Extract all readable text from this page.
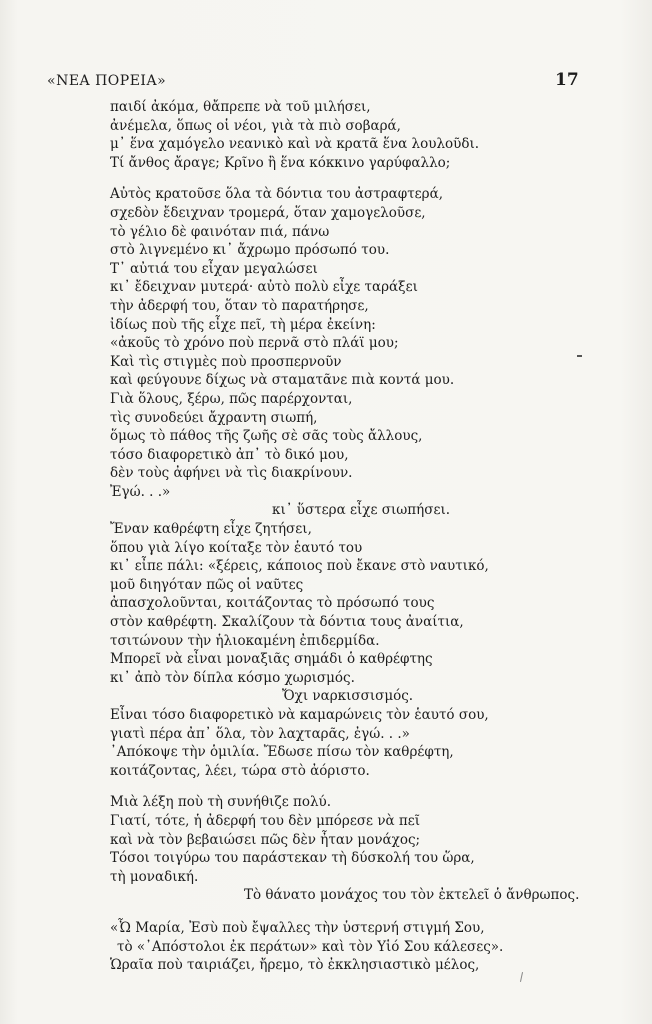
«ΝΕΑ ΠΟΡΕΙΑ»	17
παιδί ἀκόμα, θἄπρεπε νὰ τοῦ μιλήσει,
ἀνέμελα, ὅπως οἱ νέοι, γιὰ τὰ πιὸ σοβαρά,
μ᾽ ἕνα χαμόγελο νεανικὸ καὶ νὰ κρατᾶ ἕνα λουλοῦδι.
Τί ἄνθος ἄραγε; Κρῖνο ἢ ἕνα κόκκινο γαρύφαλλο;
Αὐτὸς κρατοῦσε ὅλα τὰ δόντια του ἀστραφτερά,
σχεδὸν ἔδειχναν τρομερά, ὅταν χαμογελοῦσε,
τὸ γέλιο δὲ φαινόταν πιά, πάνω
στὸ λιγνεμένο κι᾽ ἄχρωμο πρόσωπό του.
Τ᾽ αὐτιά του εἶχαν μεγαλώσει
κι᾽ ἔδειχναν μυτερά· αὐτὸ πολὺ εἶχε ταράξει
τὴν ἀδερφή του, ὅταν τὸ παρατήρησε,
ἰδίως ποὺ τῆς εἶχε πεῖ, τὴ μέρα ἐκείνη:
«ἀκοῦς τὸ χρόνο ποὺ περνᾶ στὸ πλάϊ μου;
Καὶ τὶς στιγμὲς ποὺ προσπερνοῦν
καὶ φεύγουνε δίχως νὰ σταματᾶνε πιὰ κοντά μου.
Γιὰ ὅλους, ξέρω, πῶς παρέρχονται,
τὶς συνοδεύει ἄχραντη σιωπή,
ὅμως τὸ πάθος τῆς ζωῆς σὲ σᾶς τοὺς ἄλλους,
τόσο διαφορετικὸ ἀπ᾽ τὸ δικό μου,
δὲν τοὺς ἀφήνει νὰ τὶς διακρίνουν.
Ἐγώ. . .»
κι᾽ ὕστερα εἶχε σιωπήσει.
Ἔναν καθρέφτη εἶχε ζητήσει,
ὅπου γιὰ λίγο κοίταξε τὸν ἑαυτό του
κι᾽ εἶπε πάλι: «ξέρεις, κάποιος ποὺ ἔκανε στὸ ναυτικό,
μοῦ διηγόταν πῶς οἱ ναῦτες
ἀπασχολοῦνται, κοιτάζοντας τὸ πρόσωπό τους
στὸν καθρέφτη. Σκαλίζουν τὰ δόντια τους ἀναίτια,
τσιτώνουν τὴν ἡλιοκαμένη ἐπιδερμίδα.
Μπορεῖ νὰ εἶναι μοναξιᾶς σημάδι ὁ καθρέφτης
κι᾽ ἀπὸ τὸν δίπλα κόσμο χωρισμός.
Ὄχι ναρκισσισμός.
Εἶναι τόσο διαφορετικὸ νὰ καμαρώνεις τὸν ἑαυτό σου,
γιατὶ πέρα ἀπ᾽ ὅλα, τὸν λαχταρᾶς, ἐγώ. . .»
᾽Απόκοψε τὴν ὁμιλία. Ἔδωσε πίσω τὸν καθρέφτη,
κοιτάζοντας, λέει, τώρα στὸ ἀόριστο.
Μιὰ λέξη ποὺ τὴ συνήθιζε πολύ.
Γιατί, τότε, ἡ ἀδερφή του δὲν μπόρεσε νὰ πεῖ
καὶ νὰ τὸν βεβαιώσει πῶς δὲν ἦταν μονάχος;
Τόσοι τοιγύρω του παράστεκαν τὴ δύσκολή του ὥρα,
τὴ μοναδική.
Τὸ θάνατο μονάχος του τὸν ἐκτελεῖ ὁ ἄνθρωπος.
«Ὦ Μαρία, Ἐσὺ ποὺ ἔψαλλες τὴν ὑστερνή στιγμή Σου,
τὸ «᾽Απόστολοι ἐκ περάτων» καὶ τὸν Υἱό Σου κάλεσες».
Ὡραῖα ποὺ ταιριάζει, ἤρεμο, τὸ ἐκκλησιαστικὸ μέλος,
